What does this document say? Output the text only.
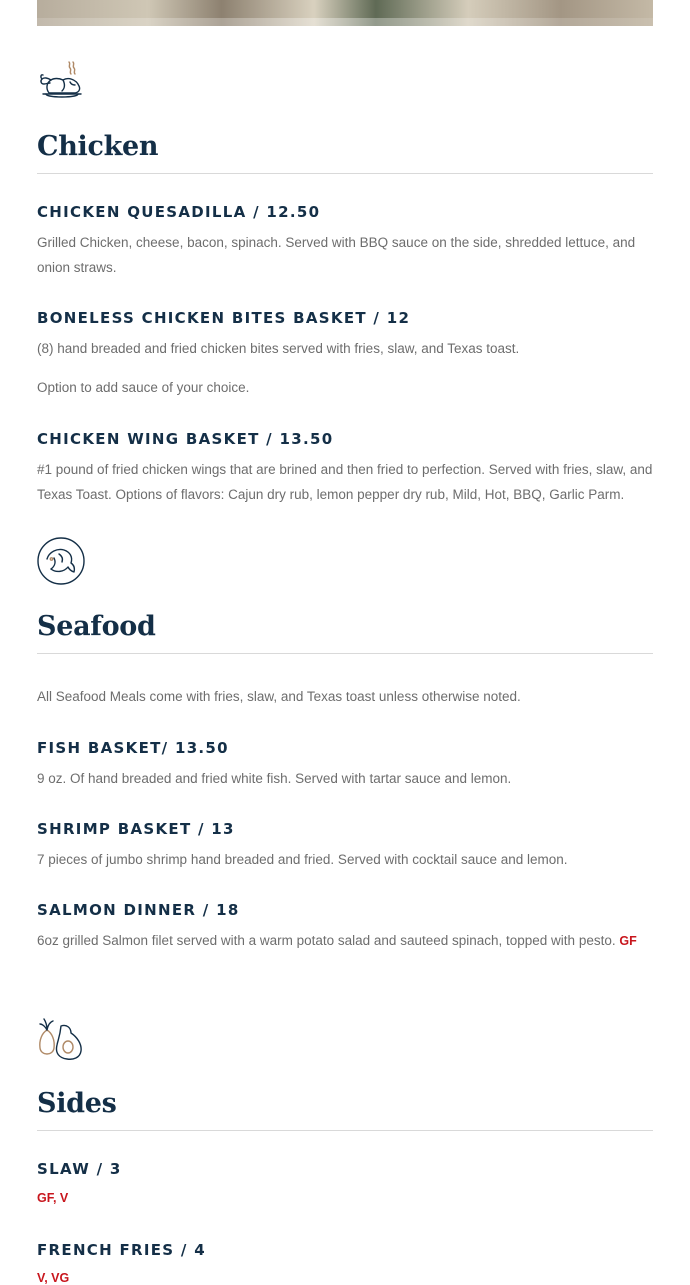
Chicken
CHICKEN QUESADILLA / 12.50

Grilled Chicken, cheese, bacon, spinach. Served with BBQ sauce on the side, shredded lettuce, and onion straws.

BONELESS CHICKEN BITES BASKET / 12

(8) hand breaded and fried chicken bites served with fries, slaw, and Texas toast.

Option to add sauce of your choice.

CHICKEN WING BASKET / 13.50

#1 pound of fried chicken wings that are brined and then fried to perfection. Served with fries, slaw, and Texas Toast. Options of flavors: Cajun dry rub, lemon pepper dry rub, Mild, Hot, BBQ, Garlic Parm.

Seafood

All Seafood Meals come with fries, slaw, and Texas toast unless otherwise noted.

FISH BASKET/ 13.50

9 oz. Of hand breaded and fried white fish. Served with tartar sauce and lemon.

SHRIMP BASKET / 13

7 pieces of jumbo shrimp hand breaded and fried. Served with cocktail sauce and lemon.

SALMON DINNER / 18

6oz grilled Salmon filet served with a warm potato salad and sauteed spinach, topped with pesto. GF

Sides
SLAW / 3

GF, V

FRENCH FRIES / 4

V, VG
